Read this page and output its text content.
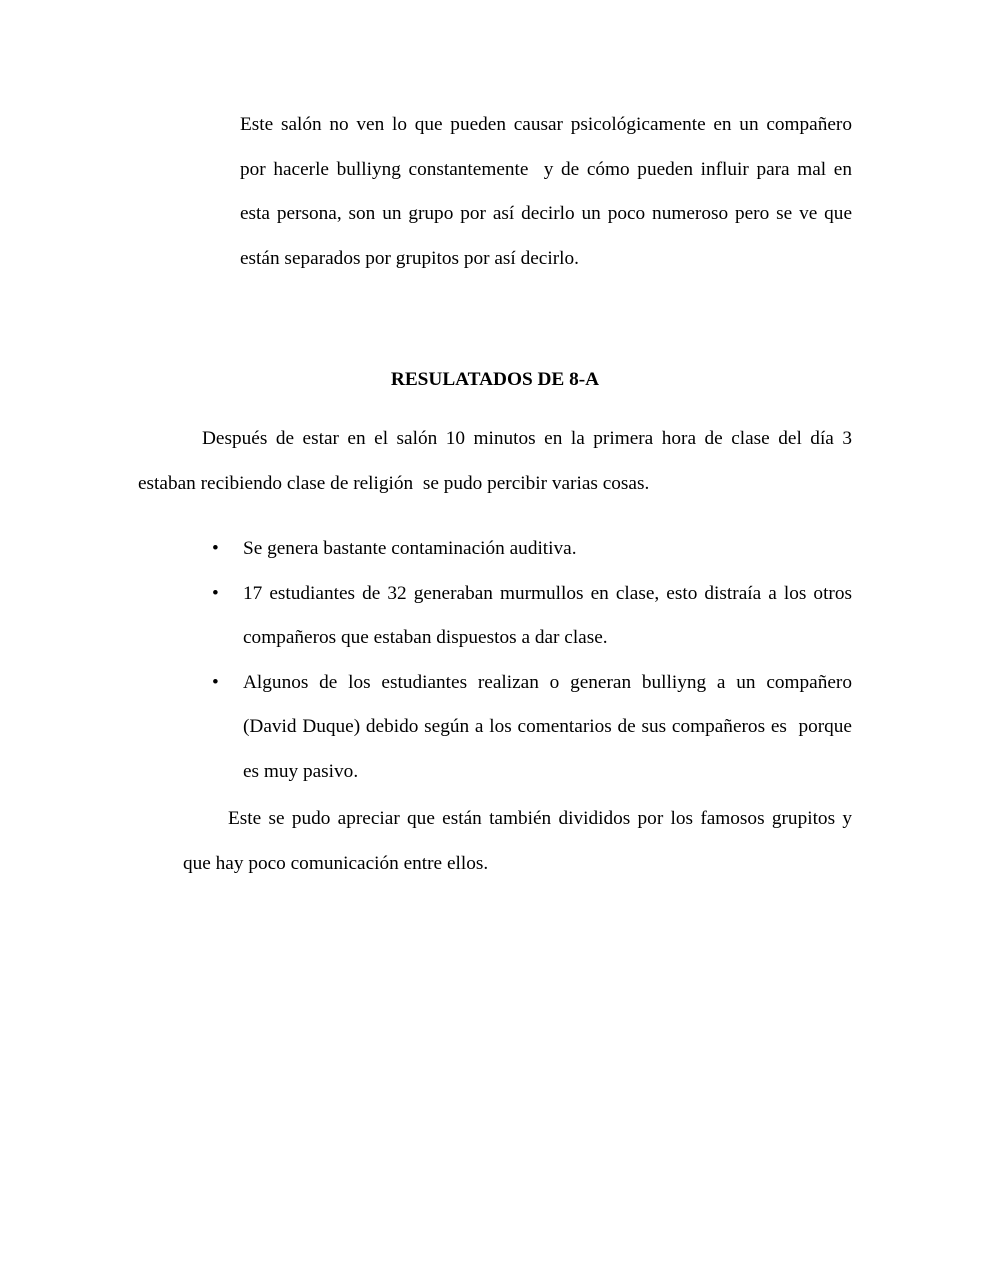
Este salón no ven lo que pueden causar psicológicamente en un compañero
por hacerle bulliyng constantemente  y de cómo pueden influir para mal en
esta persona, son un grupo por así decirlo un poco numeroso pero se ve que
están separados por grupitos por así decirlo.
RESULATADOS DE 8-A
Después de estar en el salón 10 minutos en la primera hora de clase del día 3
estaban recibiendo clase de religión  se pudo percibir varias cosas.
• Se genera bastante contaminación auditiva.
• 17 estudiantes de 32 generaban murmullos en clase, esto distraía a los otros
compañeros que estaban dispuestos a dar clase.
• Algunos de los estudiantes realizan o generan bulliyng a un compañero
(David Duque) debido según a los comentarios de sus compañeros es  porque
es muy pasivo.
Este se pudo apreciar que están también divididos por los famosos grupitos y
que hay poco comunicación entre ellos.
